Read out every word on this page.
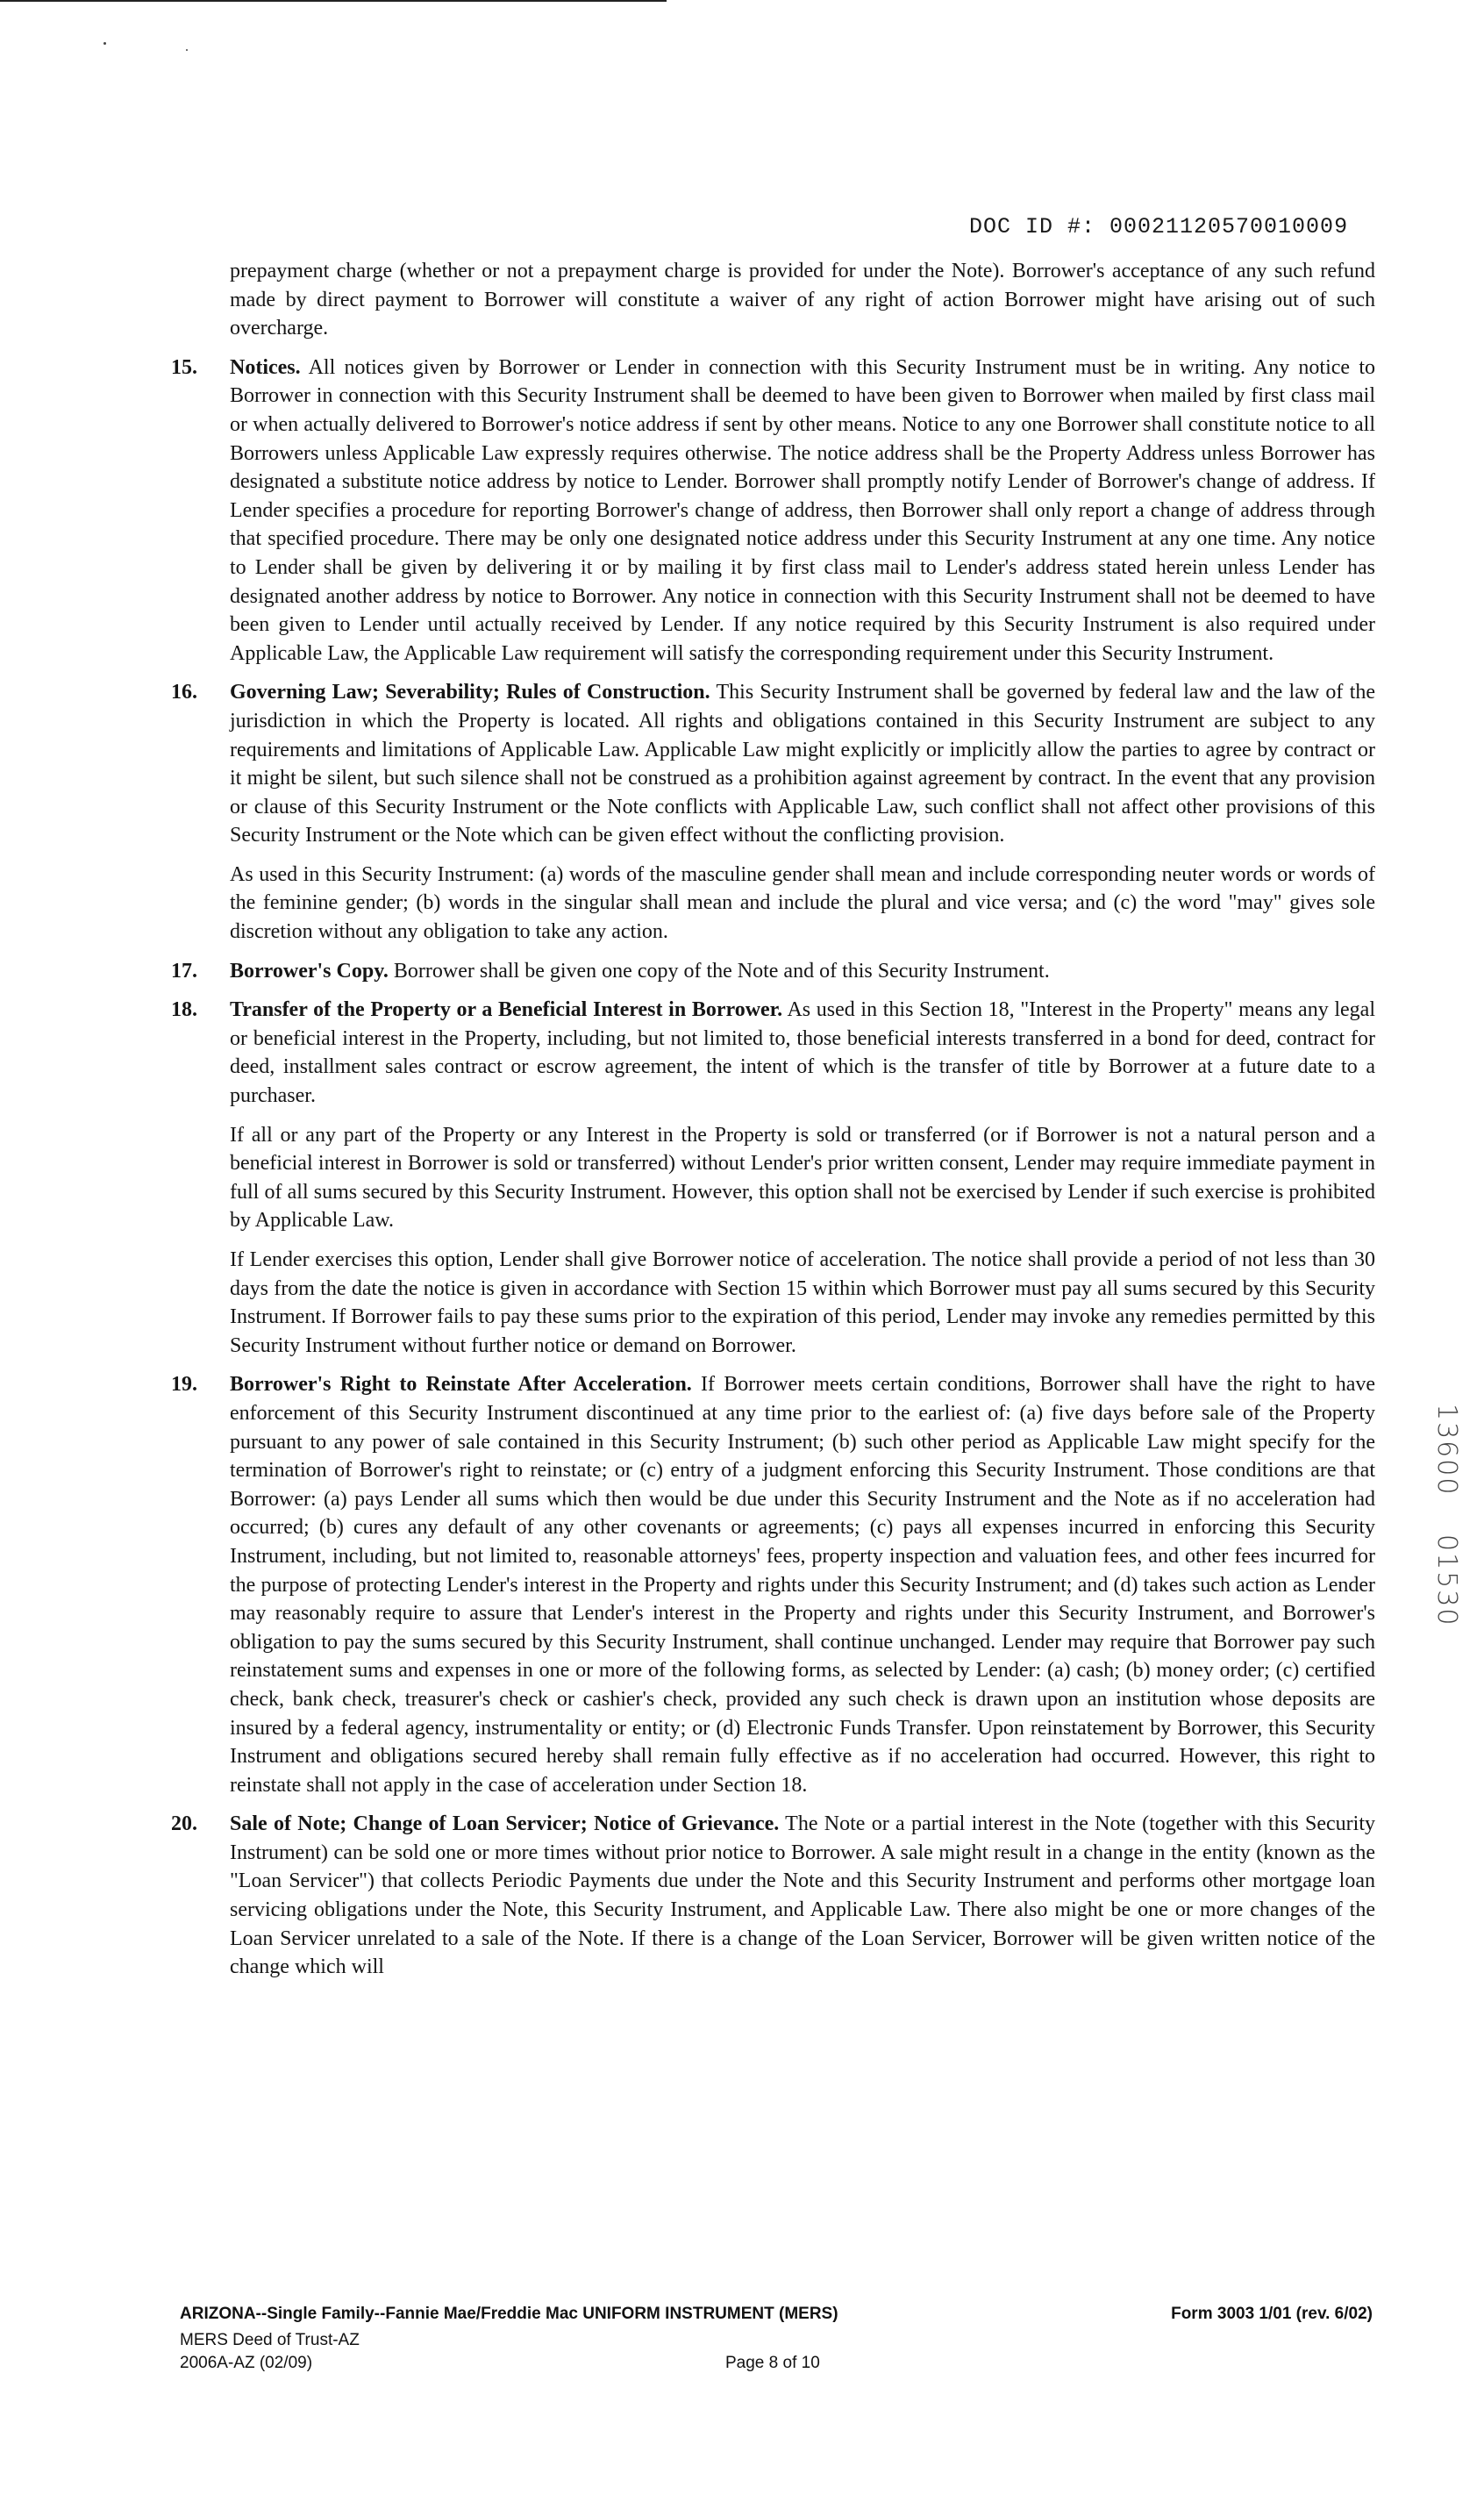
DOC ID #: 00021120570010009

prepayment charge (whether or not a prepayment charge is provided for under the Note). Borrower's acceptance of any such refund made by direct payment to Borrower will constitute a waiver of any right of action Borrower might have arising out of such overcharge.

15. Notices. All notices given by Borrower or Lender in connection with this Security Instrument must be in writing. Any notice to Borrower in connection with this Security Instrument shall be deemed to have been given to Borrower when mailed by first class mail or when actually delivered to Borrower's notice address if sent by other means. Notice to any one Borrower shall constitute notice to all Borrowers unless Applicable Law expressly requires otherwise. The notice address shall be the Property Address unless Borrower has designated a substitute notice address by notice to Lender. Borrower shall promptly notify Lender of Borrower's change of address. If Lender specifies a procedure for reporting Borrower's change of address, then Borrower shall only report a change of address through that specified procedure. There may be only one designated notice address under this Security Instrument at any one time. Any notice to Lender shall be given by delivering it or by mailing it by first class mail to Lender's address stated herein unless Lender has designated another address by notice to Borrower. Any notice in connection with this Security Instrument shall not be deemed to have been given to Lender until actually received by Lender. If any notice required by this Security Instrument is also required under Applicable Law, the Applicable Law requirement will satisfy the corresponding requirement under this Security Instrument.
16. Governing Law; Severability; Rules of Construction. This Security Instrument shall be governed by federal law and the law of the jurisdiction in which the Property is located. All rights and obligations contained in this Security Instrument are subject to any requirements and limitations of Applicable Law. Applicable Law might explicitly or implicitly allow the parties to agree by contract or it might be silent, but such silence shall not be construed as a prohibition against agreement by contract. In the event that any provision or clause of this Security Instrument or the Note conflicts with Applicable Law, such conflict shall not affect other provisions of this Security Instrument or the Note which can be given effect without the conflicting provision.
As used in this Security Instrument: (a) words of the masculine gender shall mean and include corresponding neuter words or words of the feminine gender; (b) words in the singular shall mean and include the plural and vice versa; and (c) the word "may" gives sole discretion without any obligation to take any action.
17. Borrower's Copy. Borrower shall be given one copy of the Note and of this Security Instrument.
18. Transfer of the Property or a Beneficial Interest in Borrower. As used in this Section 18, "Interest in the Property" means any legal or beneficial interest in the Property, including, but not limited to, those beneficial interests transferred in a bond for deed, contract for deed, installment sales contract or escrow agreement, the intent of which is the transfer of title by Borrower at a future date to a purchaser.
If all or any part of the Property or any Interest in the Property is sold or transferred (or if Borrower is not a natural person and a beneficial interest in Borrower is sold or transferred) without Lender's prior written consent, Lender may require immediate payment in full of all sums secured by this Security Instrument. However, this option shall not be exercised by Lender if such exercise is prohibited by Applicable Law.
If Lender exercises this option, Lender shall give Borrower notice of acceleration. The notice shall provide a period of not less than 30 days from the date the notice is given in accordance with Section 15 within which Borrower must pay all sums secured by this Security Instrument. If Borrower fails to pay these sums prior to the expiration of this period, Lender may invoke any remedies permitted by this Security Instrument without further notice or demand on Borrower.
19. Borrower's Right to Reinstate After Acceleration. If Borrower meets certain conditions, Borrower shall have the right to have enforcement of this Security Instrument discontinued at any time prior to the earliest of: (a) five days before sale of the Property pursuant to any power of sale contained in this Security Instrument; (b) such other period as Applicable Law might specify for the termination of Borrower's right to reinstate; or (c) entry of a judgment enforcing this Security Instrument. Those conditions are that Borrower: (a) pays Lender all sums which then would be due under this Security Instrument and the Note as if no acceleration had occurred; (b) cures any default of any other covenants or agreements; (c) pays all expenses incurred in enforcing this Security Instrument, including, but not limited to, reasonable attorneys' fees, property inspection and valuation fees, and other fees incurred for the purpose of protecting Lender's interest in the Property and rights under this Security Instrument; and (d) takes such action as Lender may reasonably require to assure that Lender's interest in the Property and rights under this Security Instrument, and Borrower's obligation to pay the sums secured by this Security Instrument, shall continue unchanged. Lender may require that Borrower pay such reinstatement sums and expenses in one or more of the following forms, as selected by Lender: (a) cash; (b) money order; (c) certified check, bank check, treasurer's check or cashier's check, provided any such check is drawn upon an institution whose deposits are insured by a federal agency, instrumentality or entity; or (d) Electronic Funds Transfer. Upon reinstatement by Borrower, this Security Instrument and obligations secured hereby shall remain fully effective as if no acceleration had occurred. However, this right to reinstate shall not apply in the case of acceleration under Section 18.
20. Sale of Note; Change of Loan Servicer; Notice of Grievance. The Note or a partial interest in the Note (together with this Security Instrument) can be sold one or more times without prior notice to Borrower. A sale might result in a change in the entity (known as the "Loan Servicer") that collects Periodic Payments due under the Note and this Security Instrument and performs other mortgage loan servicing obligations under the Note, this Security Instrument, and Applicable Law. There also might be one or more changes of the Loan Servicer unrelated to a sale of the Note. If there is a change of the Loan Servicer, Borrower will be given written notice of the change which will
13600 01530
ARIZONA--Single Family--Fannie Mae/Freddie Mac UNIFORM INSTRUMENT (MERS)	Form 3003 1/01 (rev. 6/02)
MERS Deed of Trust-AZ
2006A-AZ (02/09)	Page 8 of 10
